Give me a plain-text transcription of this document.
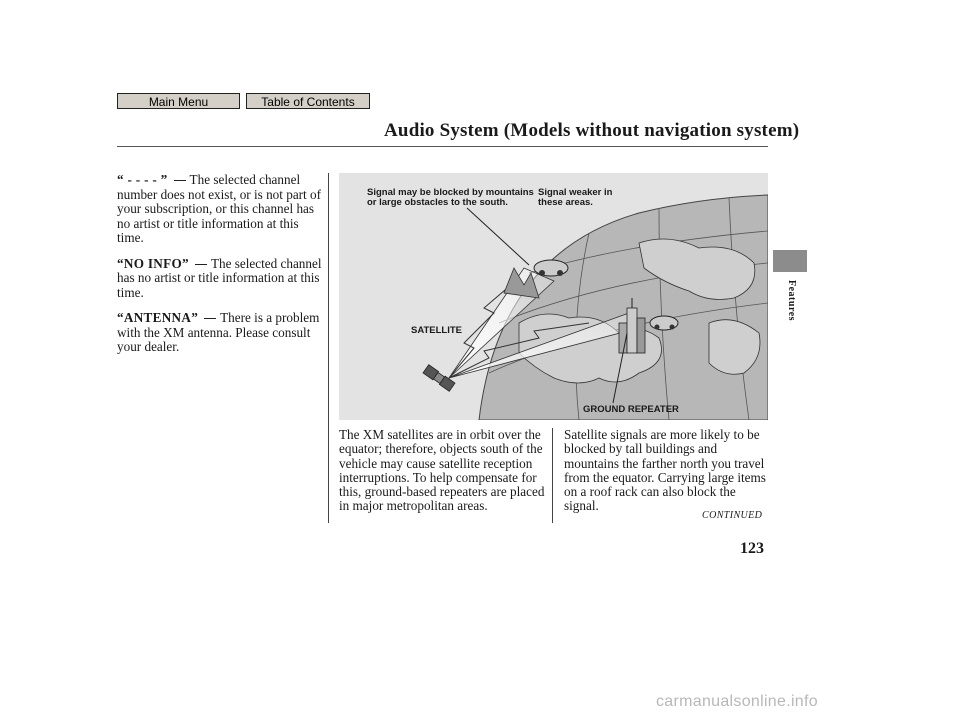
Main Menu	Table of Contents
Audio System (Models without navigation system)
Features
“ - - - - ” The selected channel number does not exist, or is not part of your subscription, or this channel has no artist or title information at this time.
“NO INFO” The selected channel has no artist or title information at this time.
“ANTENNA” There is a problem with the XM antenna. Please consult your dealer.
Signal may be blocked by mountains or large obstacles to the south.
Signal weaker in these areas.
SATELLITE
GROUND REPEATER
The XM satellites are in orbit over the equator; therefore, objects south of the vehicle may cause satellite reception interruptions. To help compensate for this, ground-based repeaters are placed in major metropolitan areas.
Satellite signals are more likely to be blocked by tall buildings and mountains the farther north you travel from the equator. Carrying large items on a roof rack can also block the signal.
CONTINUED
123
carmanualsonline.info
